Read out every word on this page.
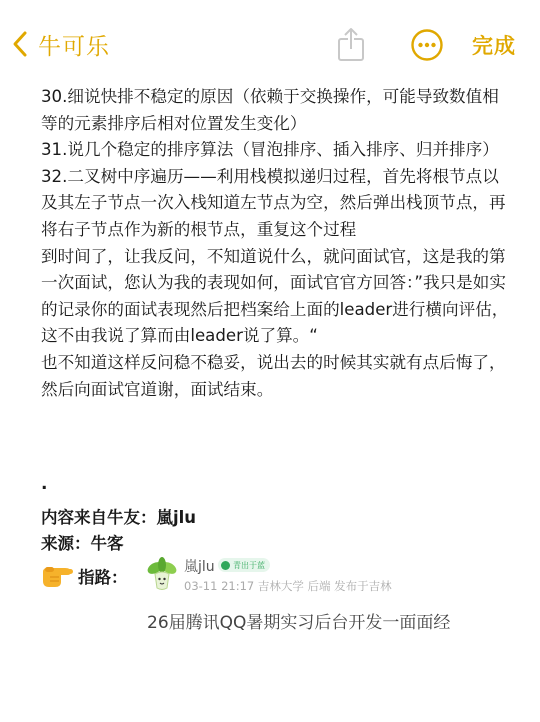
牛可乐	完成

30.细说快排不稳定的原因（依赖于交换操作，可能导致数值相等的元素排序后相对位置发生变化）

31.说几个稳定的排序算法（冒泡排序、插入排序、归并排序）

32.二叉树中序遍历——利用栈模拟递归过程，首先将根节点以及其左子节点一次入栈知道左节点为空，然后弹出栈顶节点，再将右子节点作为新的根节点，重复这个过程

到时间了，让我反问，不知道说什么，就问面试官，这是我的第一次面试，您认为我的表现如何，面试官官方回答：”我只是如实的记录你的面试表现然后把档案给上面的leader进行横向评估，这不由我说了算而由leader说了算。“

也不知道这样反问稳不稳妥，说出去的时候其实就有点后悔了，然后向面试官道谢，面试结束。

.
内容来自牛友：嵐jlu
来源：牛客
指路：
嵐jlu 青出于蓝
03-11 21:17 吉林大学 后端 发布于吉林
26届腾讯QQ暑期实习后台开发一面面经
